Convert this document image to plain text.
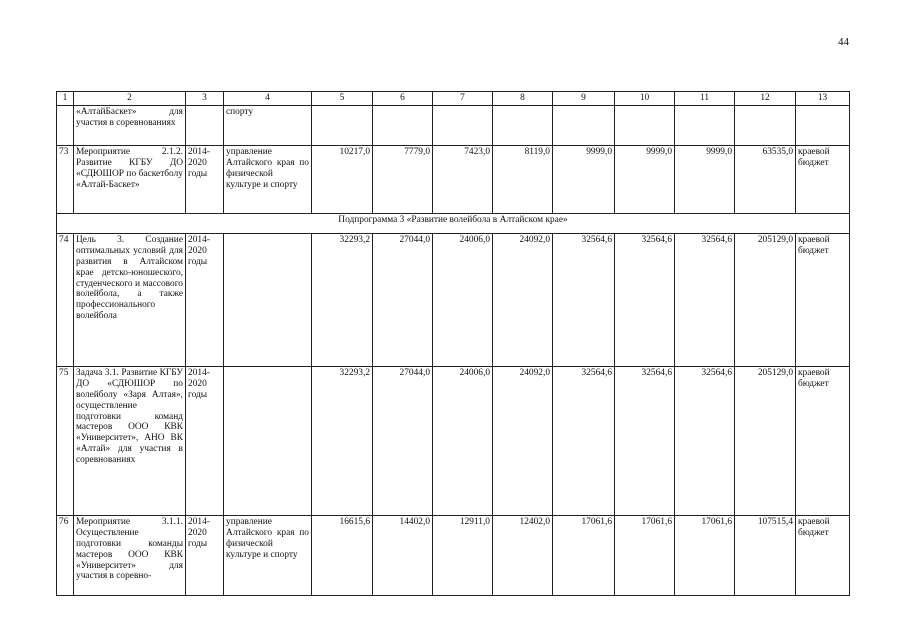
44
1	2	3	4	5	6	7	8	9	10	11	12	13
	«АлтайБаскет» для участия в соревнованиях		спорту									
73	Мероприятие 2.1.2. Развитие КГБУ ДО «СДЮШОР по баскетболу «Алтай-Баскет»	2014-2020 годы	управление Алтайского края по физической культуре и спорту	10217,0	7779,0	7423,0	8119,0	9999,0	9999,0	9999,0	63535,0	краевой бюджет
Подпрограмма 3 «Развитие волейбола в Алтайском крае»												
74	Цель 3. Создание оптимальных условий для развития в Алтайском крае детско-юношеского, студенческого и массового волейбола, а также профессионального волейбола	2014-2020 годы		32293,2	27044,0	24006,0	24092,0	32564,6	32564,6	32564,6	205129,0	краевой бюджет
75	Задача 3.1. Развитие КГБУ ДО «СДЮШОР по волейболу «Заря Алтая», осуществление подготовки команд мастеров ООО КВК «Университет», АНО ВК «Алтай» для участия в соревнованиях	2014-2020 годы		32293,2	27044,0	24006,0	24092,0	32564,6	32564,6	32564,6	205129,0	краевой бюджет
76	Мероприятие 3.1.1. Осуществление подготовки команды мастеров ООО КВК «Университет» для участия в соревно-	2014-2020 годы	управление Алтайского края по физической культуре и спорту	16615,6	14402,0	12911,0	12402,0	17061,6	17061,6	17061,6	107515,4	краевой бюджет
